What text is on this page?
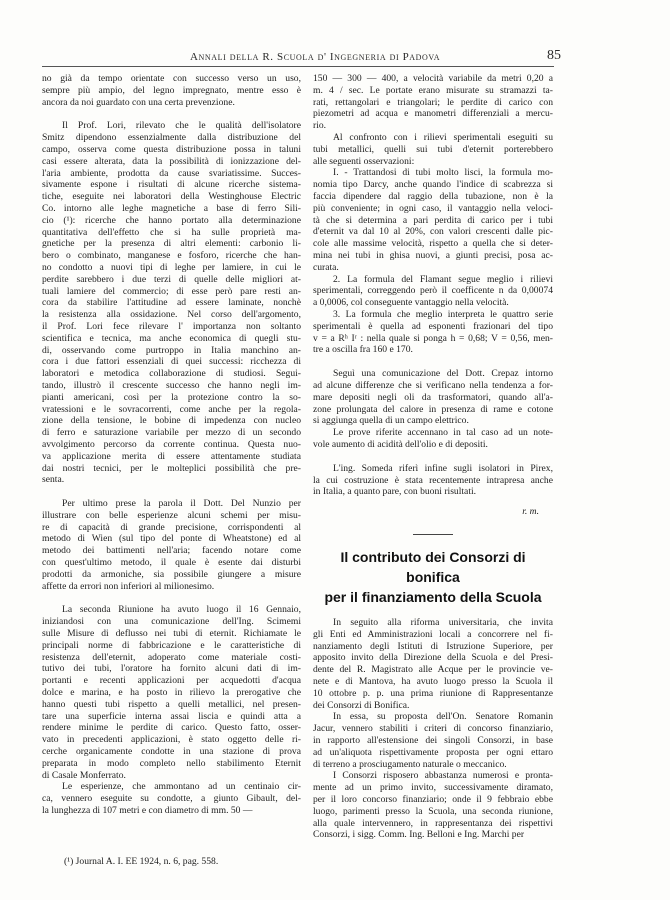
Annali della R. Scuola d' Ingegneria di Padova	85
no già da tempo orientate con successo verso un uso,
sempre più ampio, del legno impregnato, mentre esso è
ancora da noi guardato con una certa prevenzione.
Il Prof. Lori, rilevato che le qualità dell'isolatore
Smitz dipendono essenzialmente dalla distribuzione del
campo, osserva come questa distribuzione possa in taluni
casi essere alterata, data la possibilità di ionizzazione del-
l'aria ambiente, prodotta da cause svariatissime. Succes-
sivamente espone i risultati di alcune ricerche sistema-
tiche, eseguite nei laboratori della Westinghouse Electric
Co. intorno alle leghe magnetiche a base di ferro Sili-
cio (¹): ricerche che hanno portato alla determinazione
quantitativa dell'effetto che si ha sulle proprietà ma-
gnetiche per la presenza di altri elementi: carbonio li-
bero o combinato, manganese e fosforo, ricerche che han-
no condotto a nuovi tipi di leghe per lamiere, in cui le
perdite sarebbero i due terzi di quelle delle migliori at-
tuali lamiere del commercio; di esse però pare resti an-
cora da stabilire l'attitudine ad essere laminate, nonchè
la resistenza alla ossidazione. Nel corso dell'argomento,
il Prof. Lori fece rilevare l' importanza non soltanto
scientifica e tecnica, ma anche economica di quegli stu-
di, osservando come purtroppo in Italia manchino an-
cora i due fattori essenziali di quei successi: ricchezza di
laboratori e metodica collaborazione di studiosi. Segui-
tando, illustrò il crescente successo che hanno negli im-
pianti americani, così per la protezione contro la so-
vratessioni e le sovracorrenti, come anche per la regola-
zione della tensione, le bobine di impedenza con nucleo
di ferro e saturazione variabile per mezzo di un secondo
avvolgimento percorso da corrente continua. Questa nuo-
va applicazione merita di essere attentamente studiata
dai nostri tecnici, per le molteplici possibilità che pre-
senta.
Per ultimo prese la parola il Dott. Del Nunzio per
illustrare con belle esperienze alcuni schemi per misu-
re di capacità di grande precisione, corrispondenti al
metodo di Wien (sul tipo del ponte di Wheatstone) ed al
metodo dei battimenti nell'aria; facendo notare come
con quest'ultimo metodo, il quale è esente dai disturbi
prodotti da armoniche, sia possibile giungere a misure
affette da errori non inferiori al milionesimo.
La seconda Riunione ha avuto luogo il 16 Gennaio,
iniziandosi con una comunicazione dell'Ing. Scimemi
sulle Misure di deflusso nei tubi di eternit. Richiamate le
principali norme di fabbricazione e le caratteristiche di
resistenza dell'eternit, adoperato come materiale costi-
tutivo dei tubi, l'oratore ha fornito alcuni dati di im-
portanti e recenti applicazioni per acquedotti d'acqua
dolce e marina, e ha posto in rilievo la prerogative che
hanno questi tubi rispetto a quelli metallici, nel presen-
tare una superficie interna assai liscia e quindi atta a
rendere minime le perdite di carico. Questo fatto, osser-
vato in precedenti applicazioni, è stato oggetto delle ri-
cerche organicamente condotte in una stazione di prova
preparata in modo completo nello stabilimento Eternit
di Casale Monferrato.
Le esperienze, che ammontano ad un centinaio cir-
ca, vennero eseguite su condotte, a giunto Gibault, del-
la lunghezza di 107 metri e con diametro di mm. 50 —
150 — 300 — 400, a velocità variabile da metri 0,20 a
m. 4 / sec. Le portate erano misurate su stramazzi ta-
rati, rettangolari e triangolari; le perdite di carico con
piezometri ad acqua e manometri differenziali a mercu-
rio.
Al confronto con i rilievi sperimentali eseguiti su
tubi metallici, quelli sui tubi d'eternit porterebbero
alle seguenti osservazioni:
I. - Trattandosi di tubi molto lisci, la formula mo-
nomia tipo Darcy, anche quando l'indice di scabrezza si
faccia dipendere dal raggio della tubazione, non è la
più conveniente; in ogni caso, il vantaggio nella veloci-
tà che si determina a pari perdita di carico per i tubi
d'eternit va dal 10 al 20%, con valori crescenti dalle pic-
cole alle massime velocità, rispetto a quella che si deter-
mina nei tubi in ghisa nuovi, a giunti precisi, posa ac-
curata.
2. La formula del Flamant segue meglio i rilievi
sperimentali, correggendo però il coefficente n da 0,00074
a 0,0006, col conseguente vantaggio nella velocità.
3. La formula che meglio interpreta le quattro serie
sperimentali è quella ad esponenti frazionari del tipo
v = a Rʰ Iʳ : nella quale si ponga h = 0,68; V = 0,56, men-
tre a oscilla fra 160 e 170.
Seguì una comunicazione del Dott. Crepaz intorno
ad alcune differenze che si verificano nella tendenza a for-
mare depositi negli oli da trasformatori, quando all'a-
zone prolungata del calore in presenza di rame e cotone
si aggiunga quella di un campo elettrico.
Le prove riferite accennano in tal caso ad un note-
vole aumento di acidità dell'olio e di depositi.
L'ing. Someda riferì infine sugli isolatori in Pirex,
la cui costruzione è stata recentemente intrapresa anche
in Italia, a quanto pare, con buoni risultati.
r. m.
Il contributo dei Consorzi di bonifica
per il finanziamento della Scuola
In seguito alla riforma universitaria, che invita
gli Enti ed Amministrazioni locali a concorrere nel fi-
nanziamento degli Istituti di Istruzione Superiore, per
apposito invito della Direzione della Scuola e del Presi-
dente del R. Magistrato alle Acque per le provincie ve-
nete e di Mantova, ha avuto luogo presso la Scuola il
10 ottobre p. p. una prima riunione di Rappresentanze
dei Consorzi di Bonifica.
In essa, su proposta dell'On. Senatore Romanin
Jacur, vennero stabiliti i criteri di concorso finanziario,
in rapporto all'estensione dei singoli Consorzi, in base
ad un'aliquota rispettivamente proposta per ogni ettaro
di terreno a prosciugamento naturale o meccanico.
I Consorzi risposero abbastanza numerosi e pronta-
mente ad un primo invito, successivamente diramato,
per il loro concorso finanziario; onde il 9 febbraio ebbe
luogo, parimenti presso la Scuola, una seconda riunione,
alla quale intervennero, in rappresentanza dei rispettivi
Consorzi, i sigg. Comm. Ing. Belloni e Ing. Marchi per
(¹) Journal A. I. EE 1924, n. 6, pag. 558.
